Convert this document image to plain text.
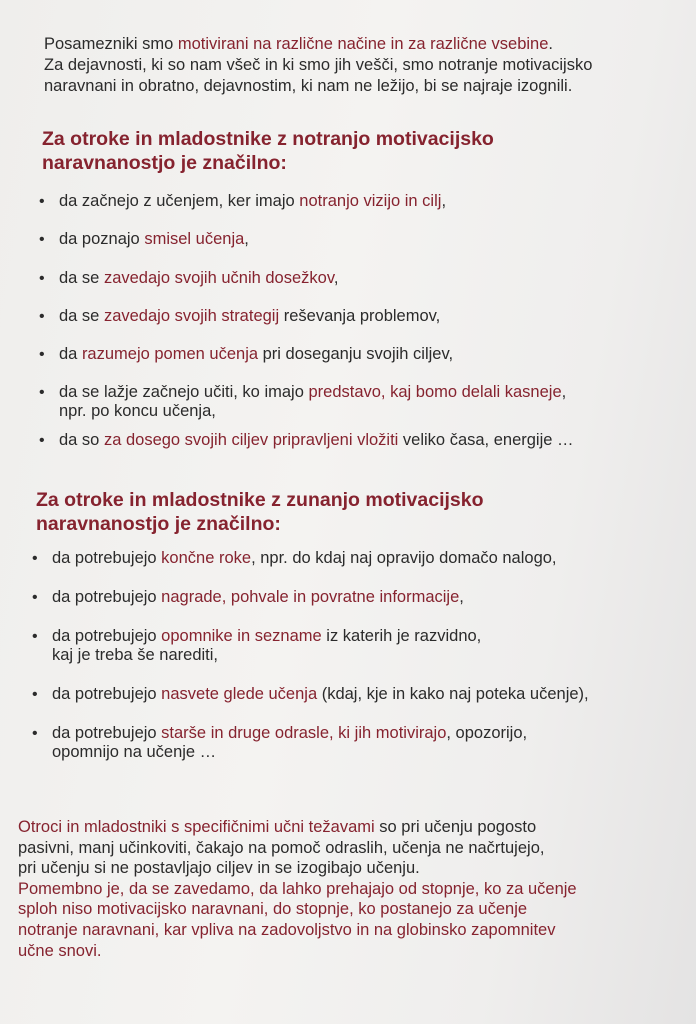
Posamezniki smo motivirani na različne načine in za različne vsebine.

Za dejavnosti, ki so nam všeč in ki smo jih vešči, smo notranje motivacijsko

naravnani in obratno, dejavnostim, ki nam ne ležijo, bi se najraje izognili.

Za otroke in mladostnike z notranjo motivacijsko
naravnanostjo je značilno:
• da začnejo z učenjem, ker imajo notranjo vizijo in cilj,
• da poznajo smisel učenja,
• da se zavedajo svojih učnih dosežkov,
• da se zavedajo svojih strategij reševanja problemov,
• da razumejo pomen učenja pri doseganju svojih ciljev,
• da se lažje začnejo učiti, ko imajo predstavo, kaj bomo delali kasneje,
npr. po koncu učenja,
• da so za dosego svojih ciljev pripravljeni vložiti veliko časa, energije …
Za otroke in mladostnike z zunanjo motivacijsko
naravnanostjo je značilno:
• da potrebujejo končne roke, npr. do kdaj naj opravijo domačo nalogo,
• da potrebujejo nagrade, pohvale in povratne informacije,
• da potrebujejo opomnike in sezname iz katerih je razvidno,
kaj je treba še narediti,
• da potrebujejo nasvete glede učenja (kdaj, kje in kako naj poteka učenje),
• da potrebujejo starše in druge odrasle, ki jih motivirajo, opozorijo,
opomnijo na učenje …
Otroci in mladostniki s specifičnimi učni težavami so pri učenju pogosto
pasivni, manj učinkoviti, čakajo na pomoč odraslih, učenja ne načrtujejo,
pri učenju si ne postavljajo ciljev in se izogibajo učenju.
Pomembno je, da se zavedamo, da lahko prehajajo od stopnje, ko za učenje
sploh niso motivacijsko naravnani, do stopnje, ko postanejo za učenje
notranje naravnani, kar vpliva na zadovoljstvo in na globinsko zapomnitev
učne snovi.
